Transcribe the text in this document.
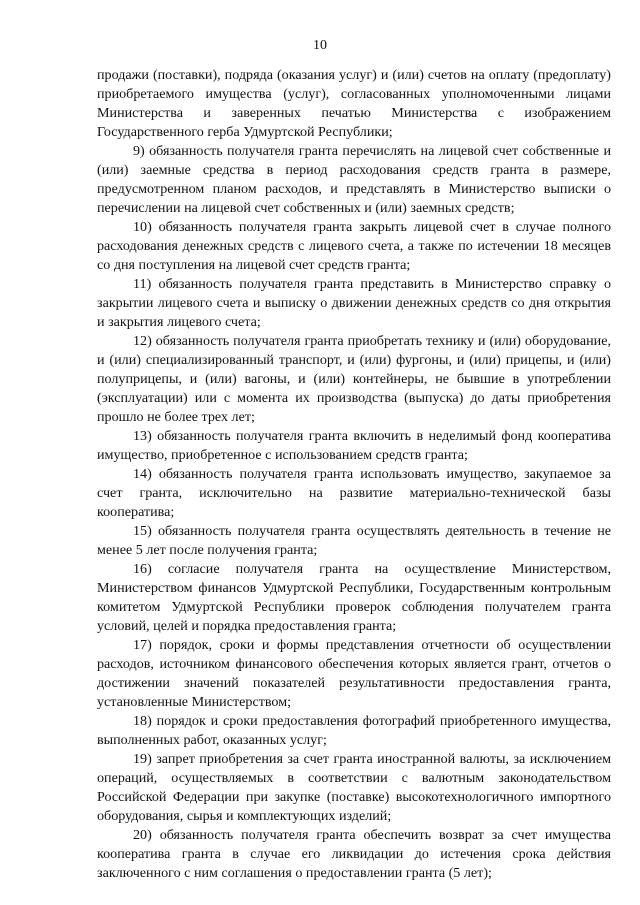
10

продажи (поставки), подряда (оказания услуг) и (или) счетов на оплату (предоплату) приобретаемого имущества (услуг), согласованных уполномоченными лицами Министерства и заверенных печатью Министерства с изображением Государственного герба Удмуртской Республики;

9) обязанность получателя гранта перечислять на лицевой счет собственные и (или) заемные средства в период расходования средств гранта в размере, предусмотренном планом расходов, и представлять в Министерство выписки о перечислении на лицевой счет собственных и (или) заемных средств;

10) обязанность получателя гранта закрыть лицевой счет в случае полного расходования денежных средств с лицевого счета, а также по истечении 18 месяцев со дня поступления на лицевой счет средств гранта;

11) обязанность получателя гранта представить в Министерство справку о закрытии лицевого счета и выписку о движении денежных средств со дня открытия и закрытия лицевого счета;

12) обязанность получателя гранта приобретать технику и (или) оборудование, и (или) специализированный транспорт, и (или) фургоны, и (или) прицепы, и (или) полуприцепы, и (или) вагоны, и (или) контейнеры, не бывшие в употреблении (эксплуатации) или с момента их производства (выпуска) до даты приобретения прошло не более трех лет;

13) обязанность получателя гранта включить в неделимый фонд кооператива имущество, приобретенное с использованием средств гранта;

14) обязанность получателя гранта использовать имущество, закупаемое за счет гранта, исключительно на развитие материально-технической базы кооператива;

15) обязанность получателя гранта осуществлять деятельность в течение не менее 5 лет после получения гранта;

16) согласие получателя гранта на осуществление Министерством, Министерством финансов Удмуртской Республики, Государственным контрольным комитетом Удмуртской Республики проверок соблюдения получателем гранта условий, целей и порядка предоставления гранта;

17) порядок, сроки и формы представления отчетности об осуществлении расходов, источником финансового обеспечения которых является грант, отчетов о достижении значений показателей результативности предоставления гранта, установленные Министерством;

18) порядок и сроки предоставления фотографий приобретенного имущества, выполненных работ, оказанных услуг;

19) запрет приобретения за счет гранта иностранной валюты, за исключением операций, осуществляемых в соответствии с валютным законодательством Российской Федерации при закупке (поставке) высокотехнологичного импортного оборудования, сырья и комплектующих изделий;

20) обязанность получателя гранта обеспечить возврат за счет имущества кооператива гранта в случае его ликвидации до истечения срока действия заключенного с ним соглашения о предоставлении гранта (5 лет);
